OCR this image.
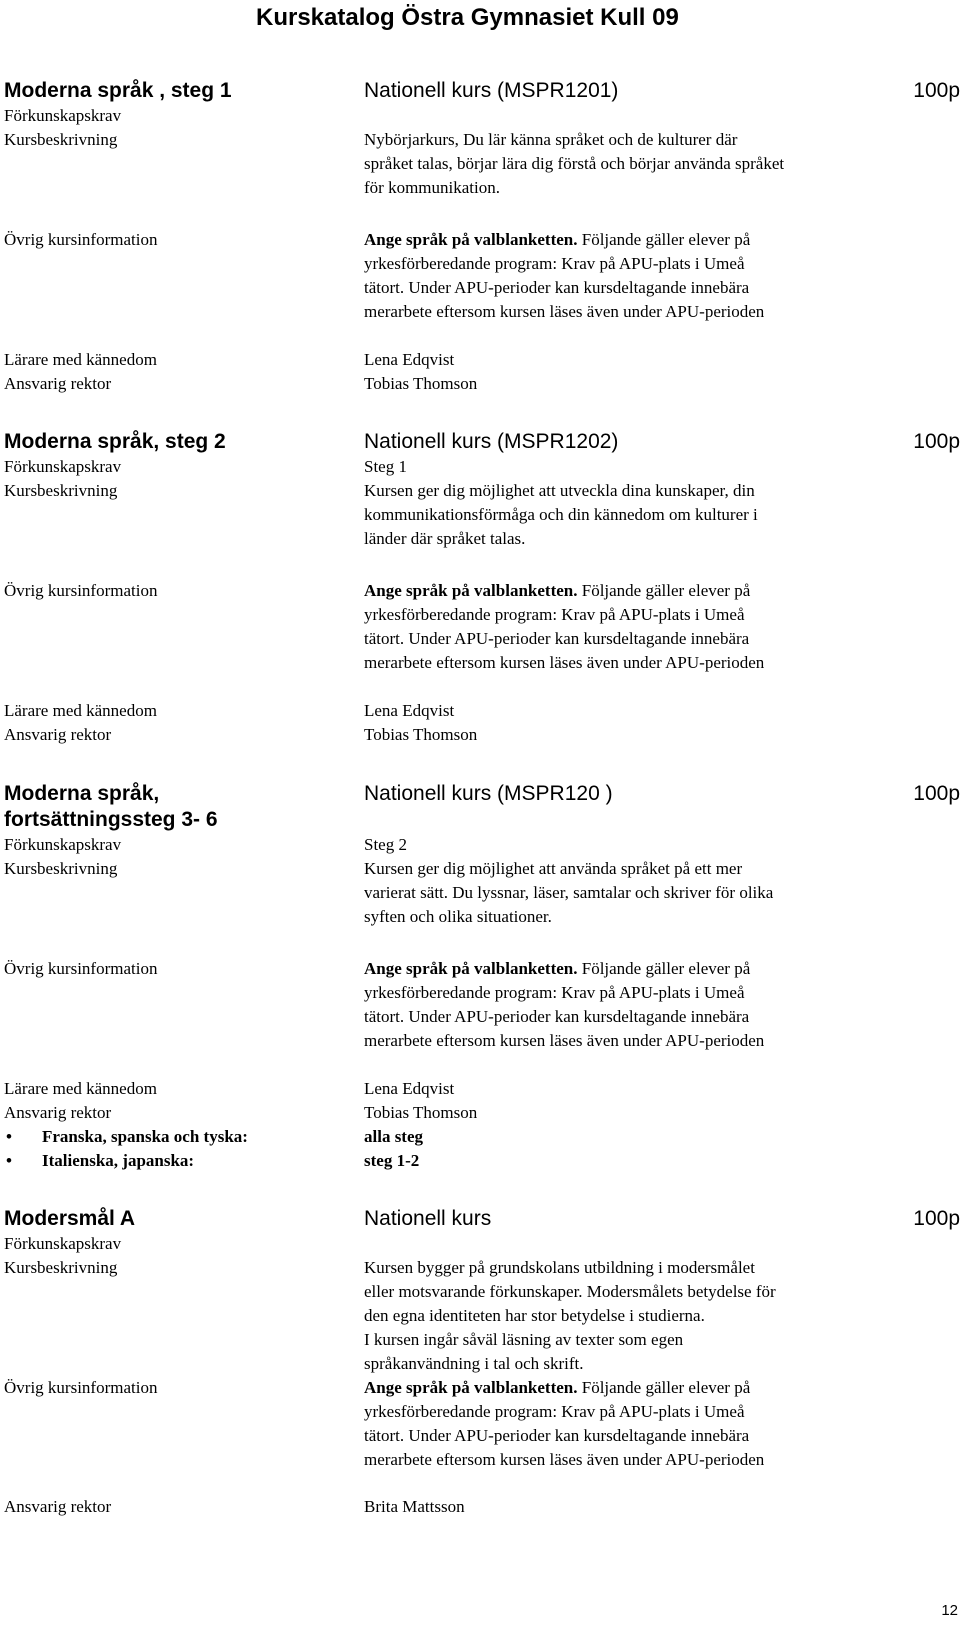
Kurskatalog Östra Gymnasiet Kull 09
Moderna språk , steg 1	Nationell kurs (MSPR1201)	100p
Förkunskapskrav
Kursbeskrivning	Nybörjarkurs, Du lär känna språket och de kulturer där
språket talas, börjar lära dig förstå och börjar använda språket
för kommunikation.
Övrig kursinformation	Ange språk på valblanketten. Följande gäller elever på
yrkesförberedande program: Krav på APU-plats i Umeå
tätort. Under APU-perioder kan kursdeltagande innebära
merarbete eftersom kursen läses även under APU-perioden
Lärare med kännedom	Lena Edqvist
Ansvarig rektor	Tobias Thomson
Moderna språk, steg 2	Nationell kurs (MSPR1202)	100p
Förkunskapskrav	Steg 1
Kursbeskrivning	Kursen ger dig möjlighet att utveckla dina kunskaper, din
kommunikationsförmåga och din kännedom om kulturer i
länder där språket talas.
Övrig kursinformation	Ange språk på valblanketten. Följande gäller elever på
yrkesförberedande program: Krav på APU-plats i Umeå
tätort. Under APU-perioder kan kursdeltagande innebära
merarbete eftersom kursen läses även under APU-perioden
Lärare med kännedom	Lena Edqvist
Ansvarig rektor	Tobias Thomson
Moderna språk,
fortsättningssteg 3- 6
Nationell kurs (MSPR120 )	100p
Förkunskapskrav	Steg 2
Kursbeskrivning	Kursen ger dig möjlighet att använda språket på ett mer
varierat sätt. Du lyssnar, läser, samtalar och skriver för olika
syften och olika situationer.
Övrig kursinformation	Ange språk på valblanketten. Följande gäller elever på
yrkesförberedande program: Krav på APU-plats i Umeå
tätort. Under APU-perioder kan kursdeltagande innebära
merarbete eftersom kursen läses även under APU-perioden
Lärare med kännedom	Lena Edqvist
Ansvarig rektor	Tobias Thomson
• Franska, spanska och tyska:	alla steg
• Italienska, japanska:	steg 1-2
Modersmål A	Nationell kurs	100p
Förkunskapskrav
Kursbeskrivning	Kursen bygger på grundskolans utbildning i modersmålet
eller motsvarande förkunskaper. Modersmålets betydelse för
den egna identiteten har stor betydelse i studierna.
I kursen ingår såväl läsning av texter som egen
språkanvändning i tal och skrift.
Övrig kursinformation	Ange språk på valblanketten. Följande gäller elever på
yrkesförberedande program: Krav på APU-plats i Umeå
tätort. Under APU-perioder kan kursdeltagande innebära
merarbete eftersom kursen läses även under APU-perioden
Ansvarig rektor	Brita Mattsson
12
